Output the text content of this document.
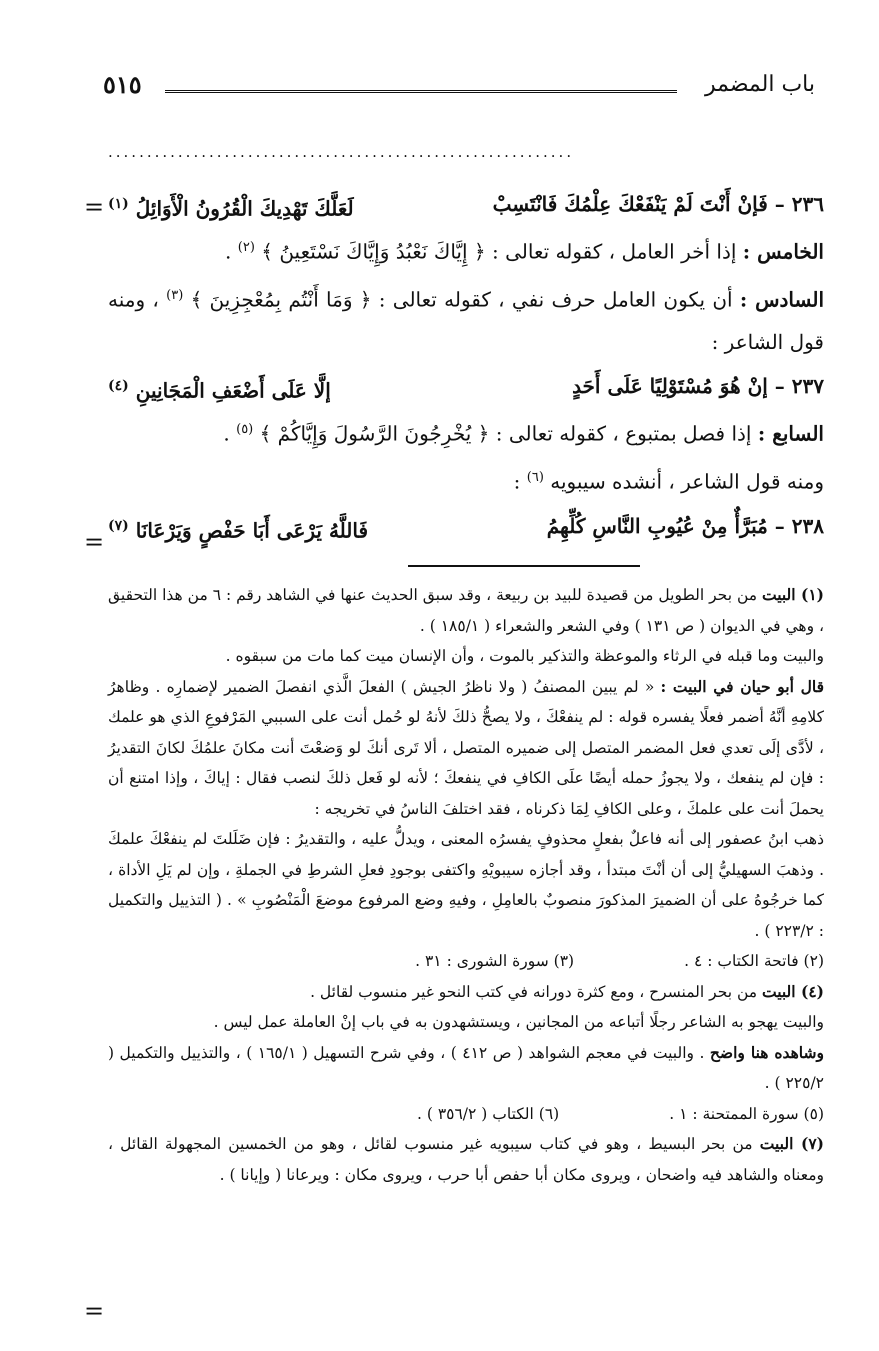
باب المضمر
٥١٥
............................................................
=
=
=
٢٣٦ – فَإنْ أَنْتَ لَمْ يَنْفَعْكَ عِلْمُكَ فَانْتَسِبْ
لَعَلَّكَ تَهْدِيكَ الْقُرُونُ الْأَوَائِلُ $^{(١)}$
الخامس : إذا أخر العامل ، كقوله تعالى : ﴿ إِيَّاكَ نَعْبُدُ وَإِيَّاكَ نَسْتَعِينُ ﴾ $^{(٢)}$ .
السادس : أن يكون العامل حرف نفي ، كقوله تعالى : ﴿ وَمَا أَنْتُم بِمُعْجِزِينَ ﴾ $^{(٣)}$ ، ومنه قول الشاعر :
٢٣٧ – إنْ هُوَ مُسْتَوْلِيًا عَلَى أَحَدٍ
إلَّا عَلَى أَضْعَفِ الْمَجَانِينِ $^{(٤)}$
السابع : إذا فصل بمتبوع ، كقوله تعالى : ﴿ يُخْرِجُونَ الرَّسُولَ وَإِيَّاكُمْ ﴾ $^{(٥)}$ .
ومنه قول الشاعر ، أنشده سيبويه $^{(٦)}$ :
٢٣٨ – مُبَرَّأٌ مِنْ عُيُوبِ النَّاسِ كُلِّهِمُ
فَاللَّهُ يَرْعَى أَبَا حَفْصٍ وَيَرْعَانَا $^{(٧)}$

(١) البيت من بحر الطويل من قصيدة للبيد بن ربيعة ، وقد سبق الحديث عنها في الشاهد رقم : ٦ من هذا التحقيق ، وهي في الديوان ( ص ١٣١ ) وفي الشعر والشعراء ( ١٨٥/١ ) .

والبيت وما قبله في الرثاء والموعظة والتذكير بالموت ، وأن الإنسان ميت كما مات من سبقوه .

قال أبو حيان في البيت : « لم يبين المصنفُ ( ولا ناظرُ الجيش ) الفعلَ الَّذي انفصلَ الضمير لإضمارِه . وظاهرُ كلامِهِ أنَّهُ أضمر فعلًا يفسره قوله : لم ينفعْكَ ، ولا يصحُّ ذلكَ لأنهُ لو حُمل أنت على السببي المَرْفوعِ الذي هو علمك ، لأدَّى إلَى تعدي فعل المضمر المتصل إلى ضميره المتصل ، ألا تَرى أنكَ لو وَضعْتَ أنت مكانَ علمُكَ لكانَ التقديرُ : فإن لم ينفعك ، ولا يجوزُ حمله أيضًا علَى الكافِ في ينفعكَ ؛ لأنه لو فَعل ذلكَ لنصب فقال : إياكَ ، وإذا امتنع أن يحملَ أنت على علمكَ ، وعلى الكافِ لِمَا ذكرناه ، فقد اختلفَ الناسُ في تخريجه :

ذهب ابنُ عصفور إلى أنه فاعلٌ بفعلٍ محذوفٍ يفسرُه المعنى ، ويدلُّ عليه ، والتقديرُ : فإن ضَلَلتَ لم ينفعْكَ علمكَ . وذهبَ السهيليُّ إلى أن أنْتَ مبتدأ ، وقد أجازه سيبويْهِ واكتفى بوجودِ فعلِ الشرطِ في الجملةِ ، وإن لم يَلِ الأداة ، كما خرجُوهُ على أن الضميرَ المذكورَ منصوبٌ بالعامِلِ ، وفيهِ وضع المرفوع موضعَ الْمَنْصُوبِ » . ( التذييل والتكميل : ٢٢٣/٢ ) .

(٢) فاتحة الكتاب : ٤ .
(٣) سورة الشورى : ٣١ .

(٤) البيت من بحر المنسرح ، ومع كثرة دورانه في كتب النحو غير منسوب لقائل .

والبيت يهجو به الشاعر رجلًا أتباعه من المجانين ، ويستشهدون به في باب إنْ العاملة عمل ليس .

وشاهده هنا واضح . والبيت في معجم الشواهد ( ص ٤١٢ ) ، وفي شرح التسهيل ( ١٦٥/١ ) ، والتذييل والتكميل ( ٢٢٥/٢ ) .

(٥) سورة الممتحنة : ١ .
(٦) الكتاب ( ٣٥٦/٢ ) .

(٧) البيت من بحر البسيط ، وهو في كتاب سيبويه غير منسوب لقائل ، وهو من الخمسين المجهولة القائل ، ومعناه والشاهد فيه واضحان ، ويروى مكان أبا حفص أبا حرب ، ويروى مكان : ويرعانا ( وإيانا ) .
